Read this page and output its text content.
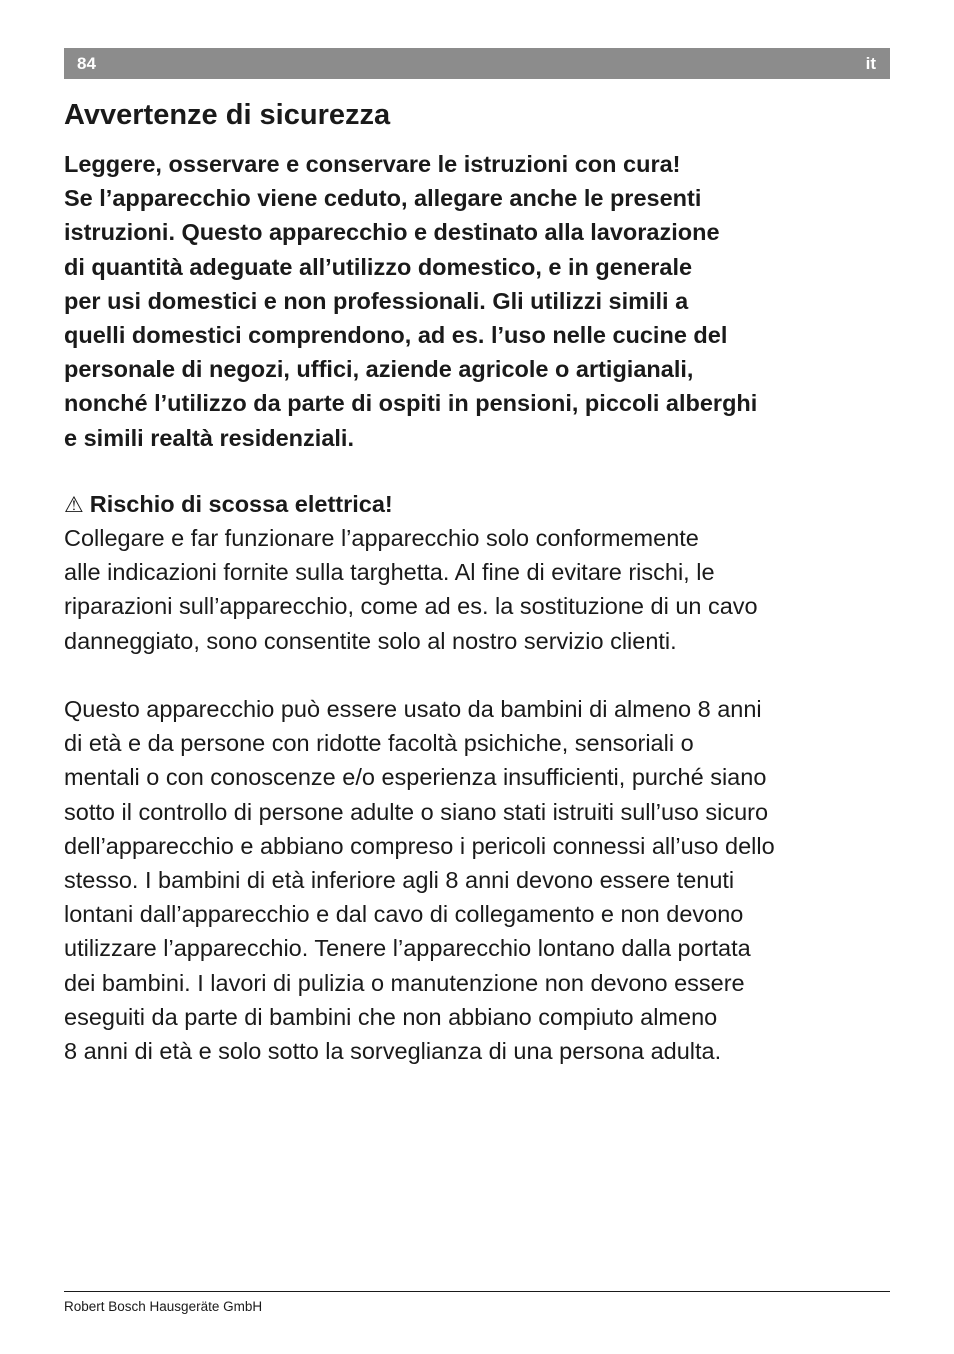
84	it
Avvertenze di sicurezza

Leggere, osservare e conservare le istruzioni con cura!
Se l’apparecchio viene ceduto, allegare anche le presenti
istruzioni. Questo apparecchio e destinato alla lavorazione
di quantità adeguate all’utilizzo domestico, e in generale
per usi domestici e non professionali. Gli utilizzi simili a
quelli domestici comprendono, ad es. l’uso nelle cucine del
personale di negozi, uffici, aziende agricole o artigianali,
nonché l’utilizzo da parte di ospiti in pensioni, piccoli alberghi
e simili realtà residenziali.

⚠ Rischio di scossa elettrica!

Collegare e far funzionare l’apparecchio solo conformemente
alle indicazioni fornite sulla targhetta. Al fine di evitare rischi, le
riparazioni sull’apparecchio, come ad es. la sostituzione di un cavo
danneggiato, sono consentite solo al nostro servizio clienti.

Questo apparecchio può essere usato da bambini di almeno 8 anni
di età e da persone con ridotte facoltà psichiche, sensoriali o
mentali o con conoscenze e/o esperienza insufficienti, purché siano
sotto il controllo di persone adulte o siano stati istruiti sull’uso sicuro
dell’apparecchio e abbiano compreso i pericoli connessi all’uso dello
stesso. I bambini di età inferiore agli 8 anni devono essere tenuti
lontani dall’apparecchio e dal cavo di collegamento e non devono
utilizzare l’apparecchio. Tenere l’apparecchio lontano dalla portata
dei bambini. I lavori di pulizia o manutenzione non devono essere
eseguiti da parte di bambini che non abbiano compiuto almeno
8 anni di età e solo sotto la sorveglianza di una persona adulta.

Robert Bosch Hausgeräte GmbH
